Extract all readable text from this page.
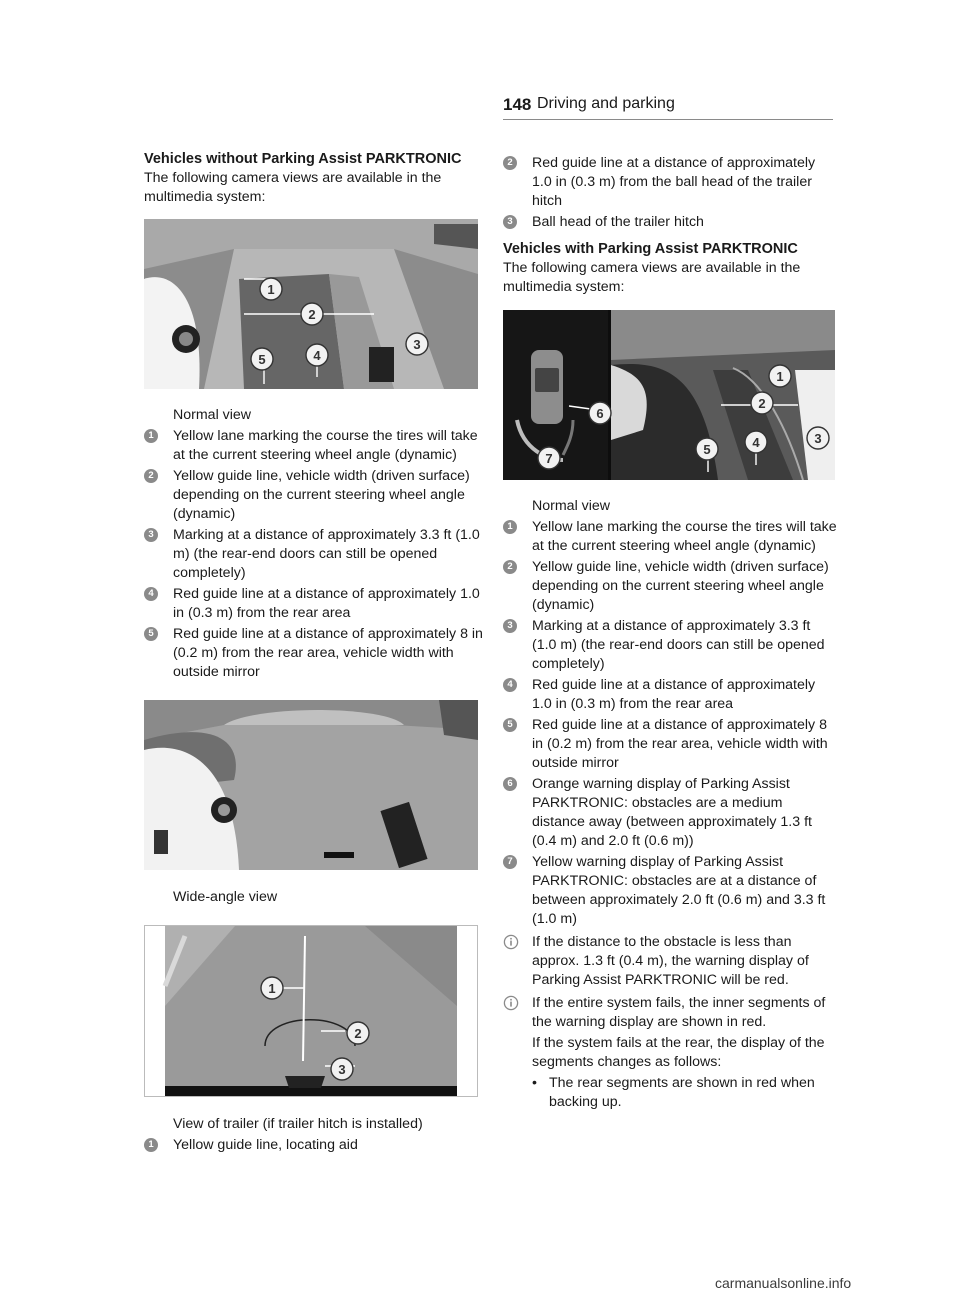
148 Driving and parking
Vehicles without Parking Assist PARKTRONIC

The following camera views are available in the multimedia system:

1
2
3
4
5
Normal view
1	Yellow lane marking the course the tires will take at the current steering wheel angle (dynamic)
2	Yellow guide line, vehicle width (driven surface) depending on the current steering wheel angle (dynamic)
3	Marking at a distance of approximately 3.3 ft (1.0 m) (the rear-end doors can still be opened completely)
4	Red guide line at a distance of approximately 1.0 in (0.3 m) from the rear area
5	Red guide line at a distance of approximately 8 in (0.2 m) from the rear area, vehicle width with outside mirror
Wide-angle view
1
2
3
View of trailer (if trailer hitch is installed)
1	Yellow guide line, locating aid
2	Red guide line at a distance of approximately 1.0 in (0.3 m) from the ball head of the trailer hitch
3	Ball head of the trailer hitch
Vehicles with Parking Assist PARKTRONIC

The following camera views are available in the multimedia system:

1
2
3
4
5
6
7
Normal view
1	Yellow lane marking the course the tires will take at the current steering wheel angle (dynamic)
2	Yellow guide line, vehicle width (driven surface) depending on the current steering wheel angle (dynamic)
3	Marking at a distance of approximately 3.3 ft (1.0 m) (the rear-end doors can still be opened completely)
4	Red guide line at a distance of approximately 1.0 in (0.3 m) from the rear area
5	Red guide line at a distance of approximately 8 in (0.2 m) from the rear area, vehicle width with outside mirror
6	Orange warning display of Parking Assist PARKTRONIC: obstacles are a medium distance away (between approximately 1.3 ft (0.4 m) and 2.0 ft (0.6 m))
7	Yellow warning display of Parking Assist PARKTRONIC: obstacles are at a distance of between approximately 2.0 ft (0.6 m) and 3.3 ft (1.0 m)
If the distance to the obstacle is less than approx. 1.3 ft (0.4 m), the warning display of Parking Assist PARKTRONIC will be red.
If the entire system fails, the inner segments of the warning display are shown in red.

If the system fails at the rear, the display of the segments changes as follows:

• The rear segments are shown in red when backing up.
carmanualsonline.info
